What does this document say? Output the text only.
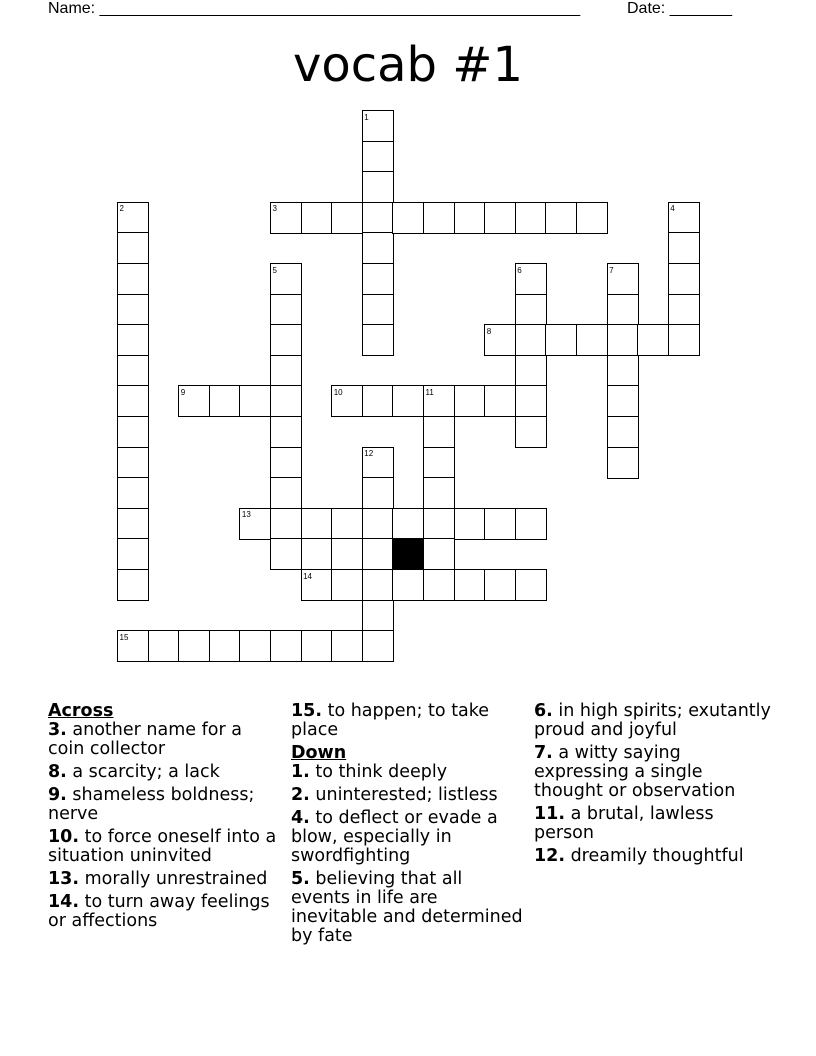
Name: ______________________________________________________	Date: _______
vocab #1
1
2	3	4
5	6	7
8
9	10	11
12
13
14
15

Across

3. another name for a coin collector

8. a scarcity; a lack

9. shameless boldness; nerve

10. to force oneself into a situation uninvited

13. morally unrestrained

14. to turn away feelings or affections

15. to happen; to take place

Down

1. to think deeply

2. uninterested; listless

4. to deflect or evade a blow, especially in swordfighting

5. believing that all events in life are inevitable and determined by fate

6. in high spirits; exutantly proud and joyful

7. a witty saying expressing a single thought or observation

11. a brutal, lawless person

12. dreamily thoughtful
